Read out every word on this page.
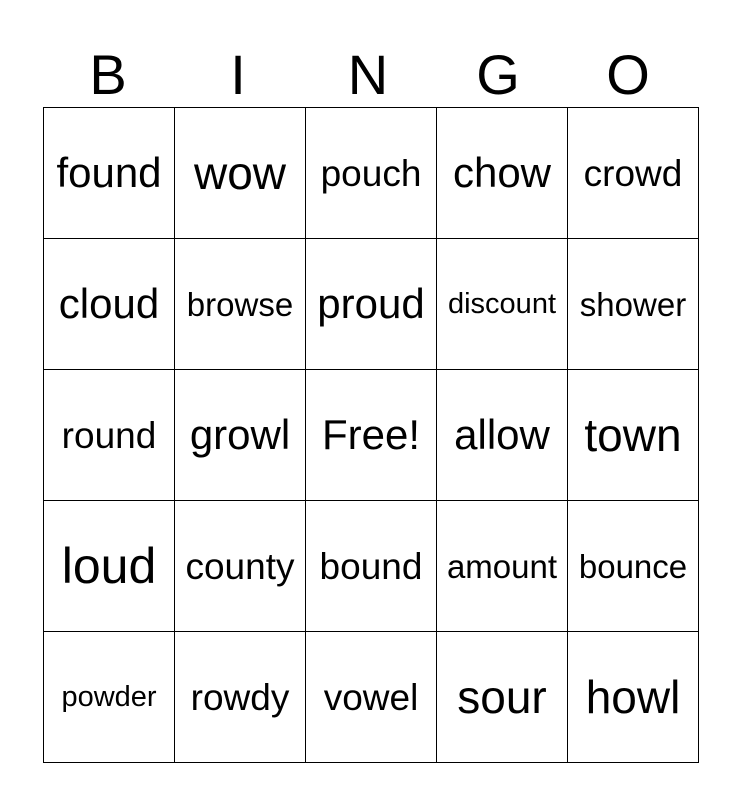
B	I	N	G	O
found	wow	pouch	chow	crowd
cloud	browse	proud	discount	shower
round	growl	Free!	allow	town
loud	county	bound	amount	bounce
powder	rowdy	vowel	sour	howl
